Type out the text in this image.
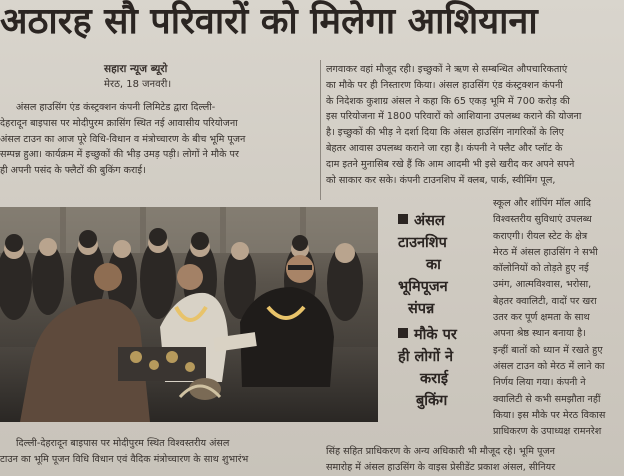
अठारह सौ परिवारों को मिलेगा आशियाना
सहारा न्यूज ब्यूरो
मेरठ, 18 जनवरी।

अंसल हाउसिंग एंड कंस्ट्रक्शन कंपनी लिमिटेड द्वारा दिल्ली-

देहरादून बाइपास पर मोदीपुरम क्रासिंग स्थित नई आवासीय परियोजना

अंसल टाउन का आज पूरे विधि-विधान व मंत्रोच्चारण के बीच भूमि पूजन

सम्पन्न हुआ। कार्यक्रम में इच्छुकों की भीड़ उमड़ पड़ी। लोगों ने मौके पर

ही अपनी पसंद के फ्लैटों की बुकिंग कराई।

लगवाकर वहां मौजूद रही। इच्छुकों ने ऋण से सम्बन्धित औपचारिकताएं

का मौके पर ही निस्तारण किया। अंसल हाउसिंग एंड कंस्ट्रक्शन कंपनी

के निदेशक कुशाग्र अंसल ने कहा कि 65 एकड़ भूमि में 700 करोड़ की

इस परियोजना में 1800 परिवारों को आशियाना उपलब्ध कराने की योजना

है। इच्छुकों की भीड़ ने दर्शा दिया कि अंसल हाउसिंग नागरिकों के लिए

बेहतर आवास उपलब्ध कराने जा रहा है। कंपनी ने फ्लैट और प्लॉट के

दाम इतने मुनासिब रखे हैं कि आम आदमी भी इसे खरीद कर अपने सपने

को साकार कर सके। कंपनी टाउनशिप में क्लब, पार्क, स्वीमिंग पूल,

अंसल
टाउनशिप
का
भूमिपूजन
संपन्न
मौके पर
ही लोगों ने
कराई
बुकिंग

स्कूल और शॉपिंग मॉल आदि

विश्वस्तरीय सुविधाएं उपलब्ध

कराएगी। रीयल स्टेट के क्षेत्र

मेरठ में अंसल हाउसिंग ने सभी

कॉलोनियों को तोड़ते हुए नई

उमंग, आत्मविश्वास, भरोसा,

बेहतर क्वालिटी, वादों पर खरा

उतर कर पूर्ण क्षमता के साथ

अपना श्रेष्ठ स्थान बनाया है।

इन्हीं बातों को ध्यान में रखते हुए

अंसल टाउन को मेरठ में लाने का

निर्णय लिया गया। कंपनी ने

क्वालिटी से कभी समझौता नहीं

किया। इस मौके पर मेरठ विकास

प्राधिकरण के उपाध्यक्ष रामनरेश

दिल्ली-देहरादून बाइपास पर मोदीपुरम स्थित विश्वस्तरीय अंसल

टाउन का भूमि पूजन विधि विधान एवं वैदिक मंत्रोच्चारण के साथ शुभारंभ

सिंह सहित प्राधिकरण के अन्य अधिकारी भी मौजूद रहे। भूमि पूजन

समारोह में अंसल हाउसिंग के वाइस प्रेसीडेंट प्रकाश अंसल, सीनियर
